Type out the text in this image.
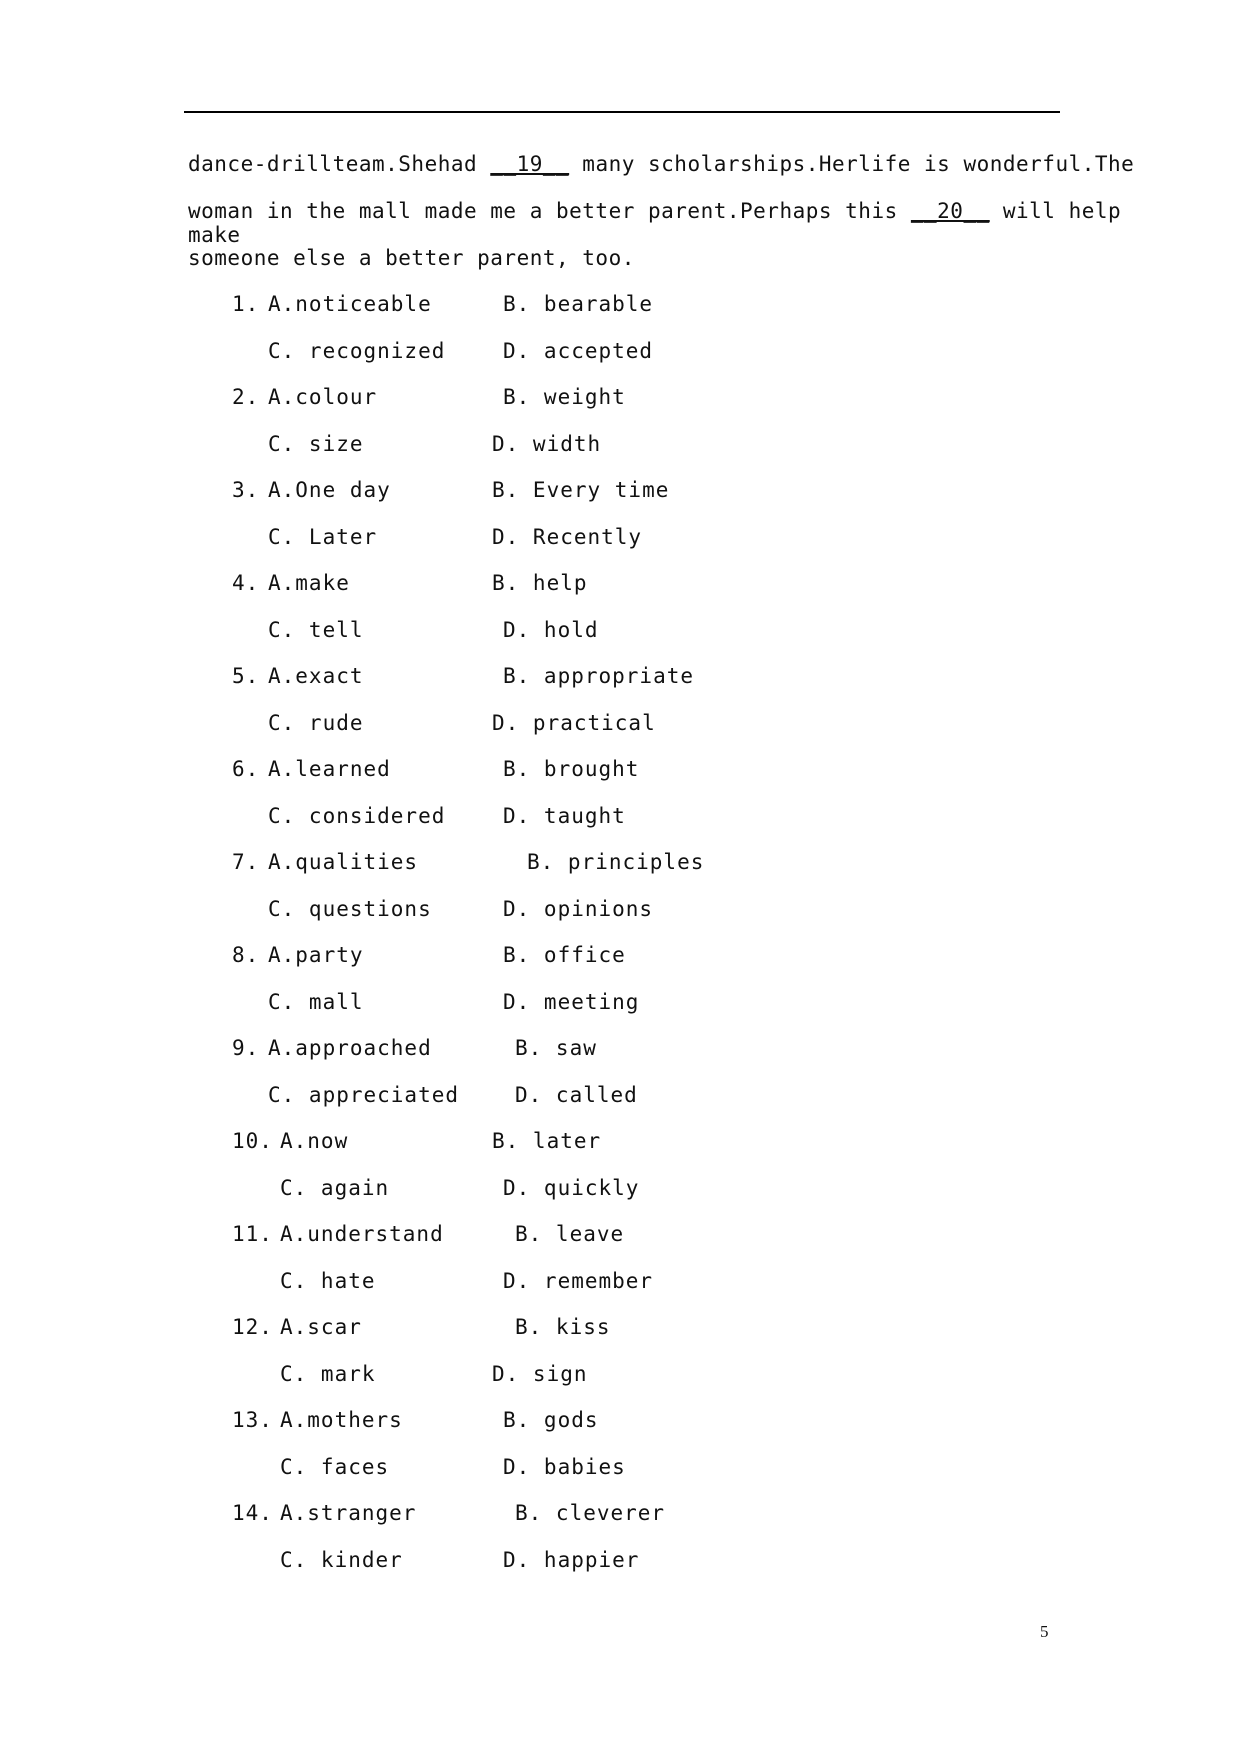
dance-drillteam.Shehad __19__ many scholarships.Herlife is wonderful.The
woman in the mall made me a better parent.Perhaps this __20__ will help make
someone else a better parent, too.
1. A.noticeable	B. bearable
C. recognized	D. accepted
2. A.colour	B. weight
C. size	D. width
3. A.One day	B. Every time
C. Later	D. Recently
4. A.make	B. help
C. tell	D. hold
5. A.exact	B. appropriate
C. rude	D. practical
6. A.learned	B. brought
C. considered	D. taught
7. A.qualities	B. principles
C. questions	D. opinions
8. A.party	B. office
C. mall	D. meeting
9. A.approached	B. saw
C. appreciated	D. called
10. A.now	B. later
C. again	D. quickly
11. A.understand	B. leave
C. hate	D. remember
12. A.scar	B. kiss
C. mark	D. sign
13. A.mothers	B. gods
C. faces	D. babies
14. A.stranger	B. cleverer
C. kinder	D. happier
5
